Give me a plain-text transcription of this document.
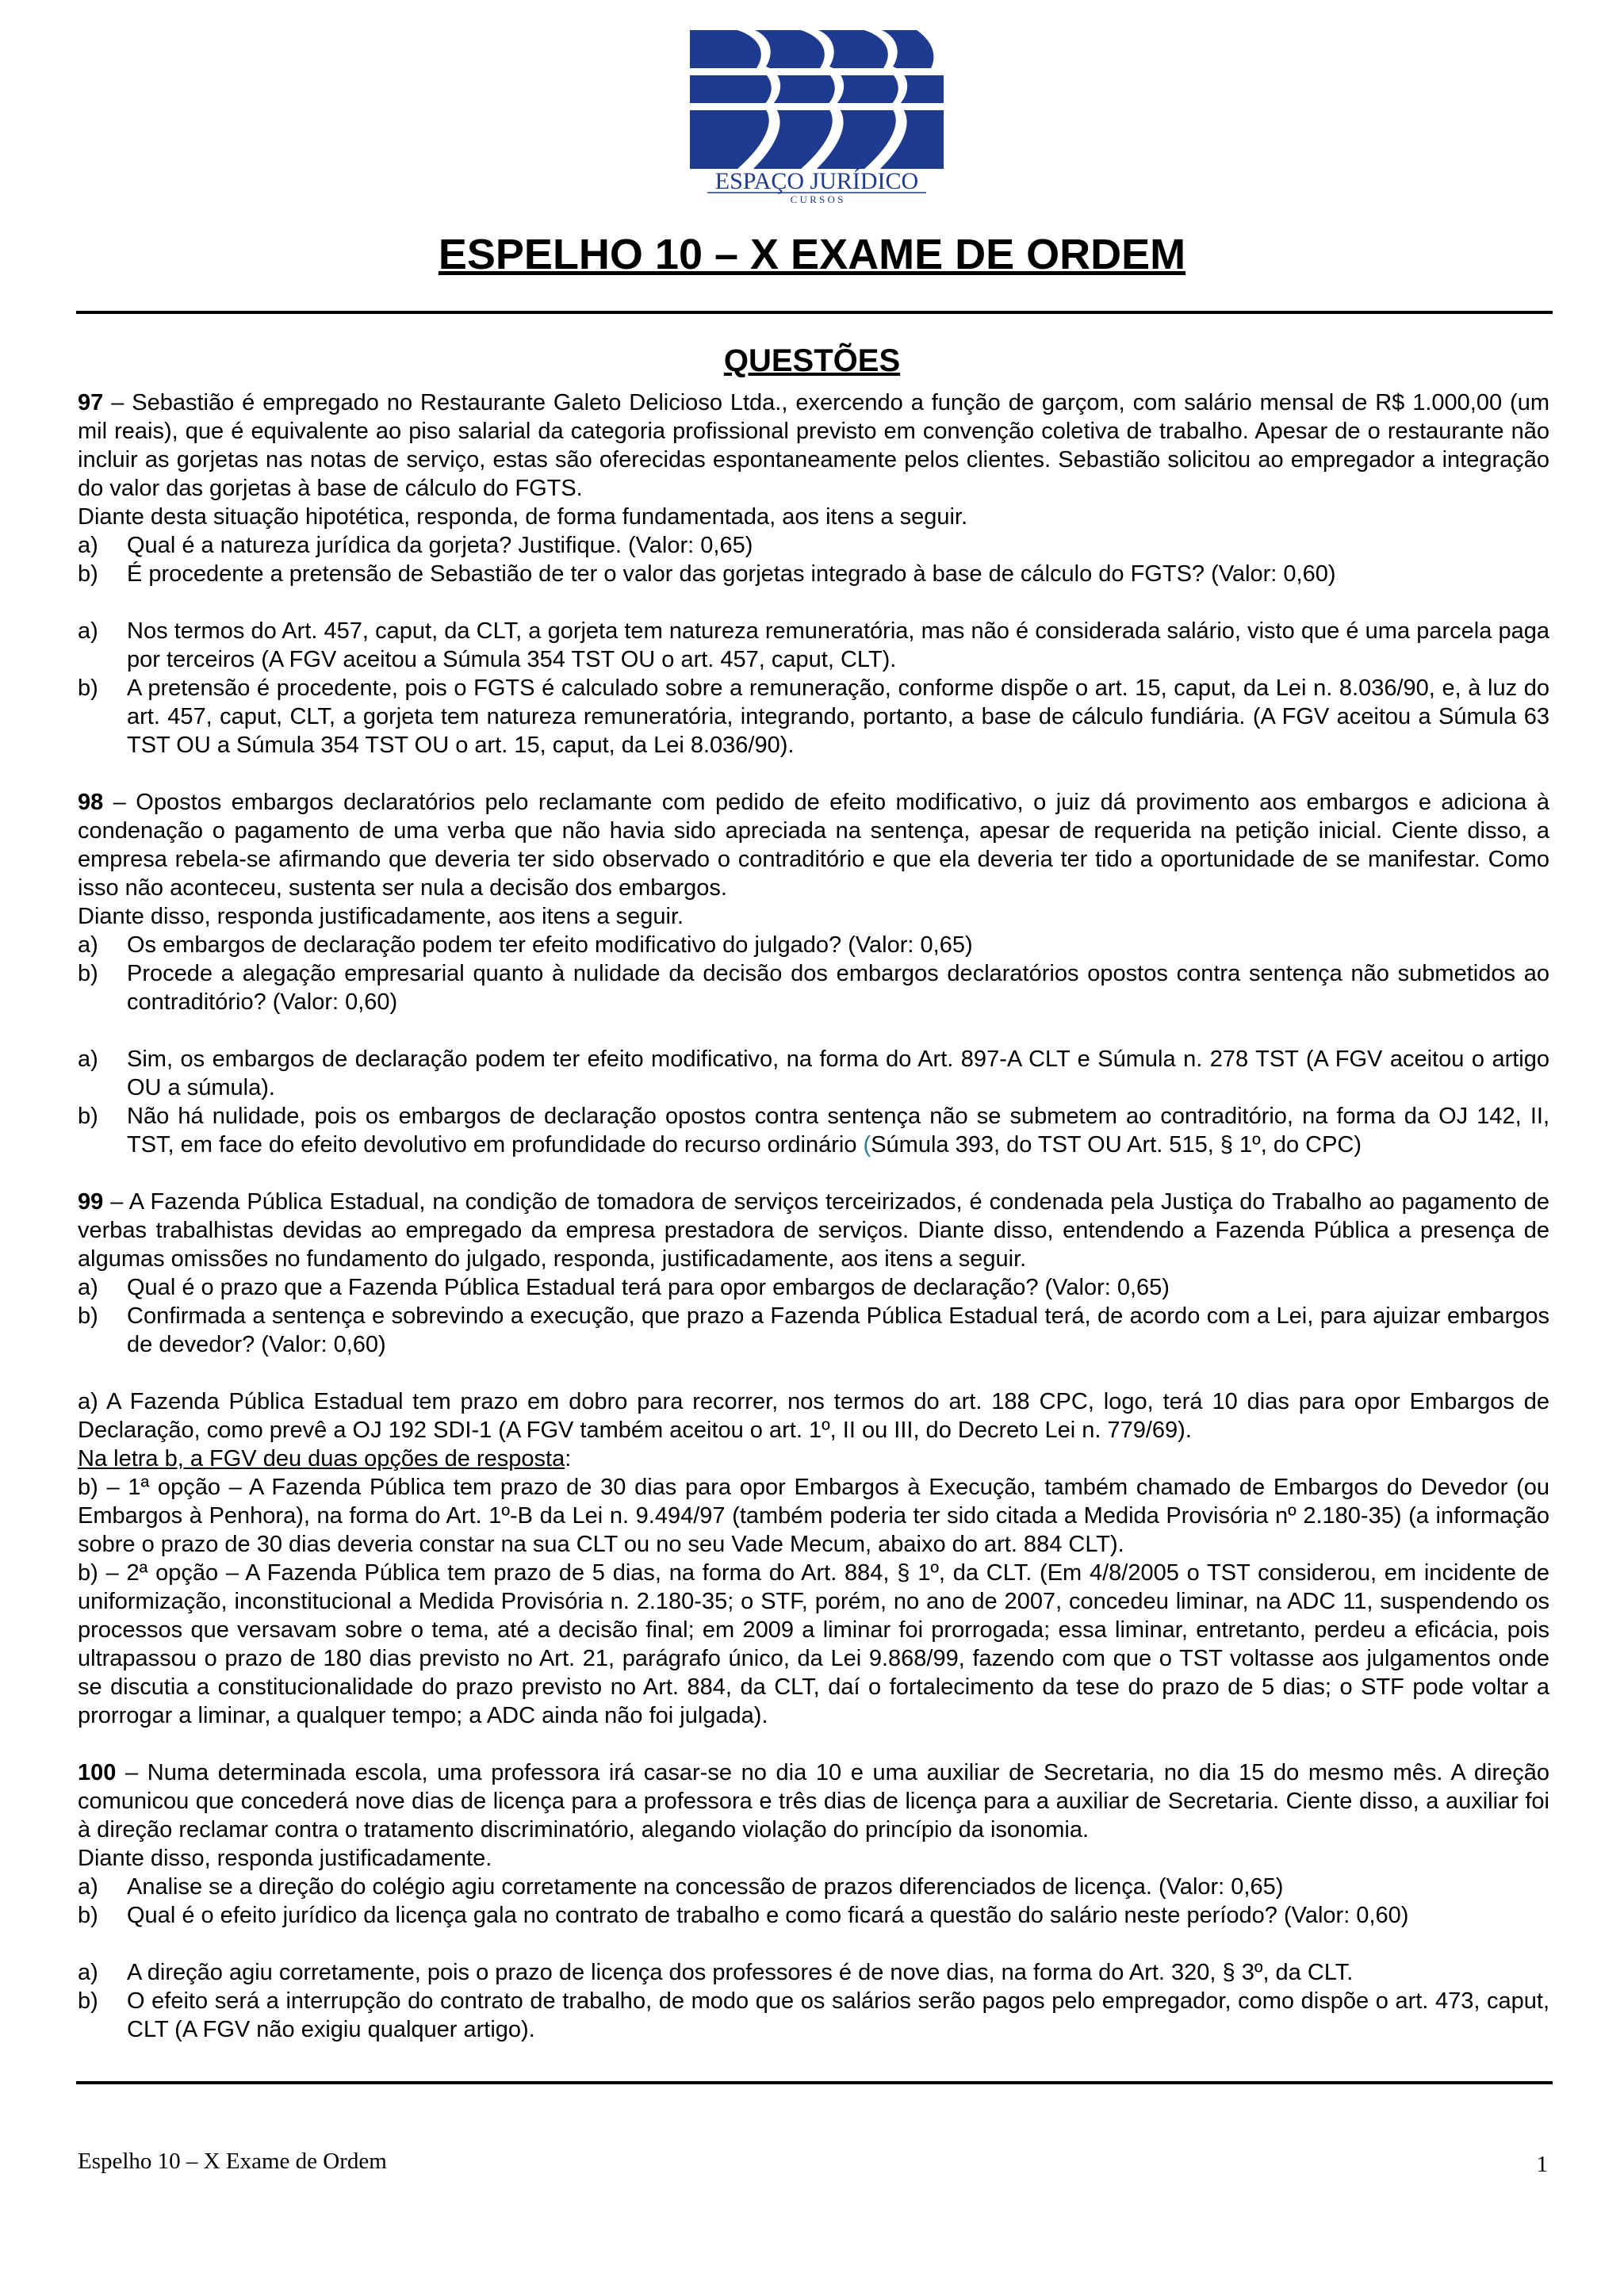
ESPAÇO JURÍDICO
C U R S O S
ESPELHO 10 – X EXAME DE ORDEM
QUESTÕES

97 – Sebastião é empregado no Restaurante Galeto Delicioso Ltda., exercendo a função de garçom, com salário mensal de R$ 1.000,00 (um mil reais), que é equivalente ao piso salarial da categoria profissional previsto em convenção coletiva de trabalho. Apesar de o restaurante não incluir as gorjetas nas notas de serviço, estas são oferecidas espontaneamente pelos clientes. Sebastião solicitou ao empregador a integração do valor das gorjetas à base de cálculo do FGTS.

Diante desta situação hipotética, responda, de forma fundamentada, aos itens a seguir.

a)	Qual é a natureza jurídica da gorjeta? Justifique. (Valor: 0,65)
b)	É procedente a pretensão de Sebastião de ter o valor das gorjetas integrado à base de cálculo do FGTS? (Valor: 0,60)
a)	Nos termos do Art. 457, caput, da CLT, a gorjeta tem natureza remuneratória, mas não é considerada salário, visto que é uma parcela paga por terceiros (A FGV aceitou a Súmula 354 TST OU o art. 457, caput, CLT).
b)	A pretensão é procedente, pois o FGTS é calculado sobre a remuneração, conforme dispõe o art. 15, caput, da Lei n. 8.036/90, e, à luz do art. 457, caput, CLT, a gorjeta tem natureza remuneratória, integrando, portanto, a base de cálculo fundiária. (A FGV aceitou a Súmula 63 TST OU a Súmula 354 TST OU o art. 15, caput, da Lei 8.036/90).

98 – Opostos embargos declaratórios pelo reclamante com pedido de efeito modificativo, o juiz dá provimento aos embargos e adiciona à condenação o pagamento de uma verba que não havia sido apreciada na sentença, apesar de requerida na petição inicial. Ciente disso, a empresa rebela-se afirmando que deveria ter sido observado o contraditório e que ela deveria ter tido a oportunidade de se manifestar. Como isso não aconteceu, sustenta ser nula a decisão dos embargos.

Diante disso, responda justificadamente, aos itens a seguir.

a)	Os embargos de declaração podem ter efeito modificativo do julgado? (Valor: 0,65)
b)	Procede a alegação empresarial quanto à nulidade da decisão dos embargos declaratórios opostos contra sentença não submetidos ao contraditório? (Valor: 0,60)
a)	Sim, os embargos de declaração podem ter efeito modificativo, na forma do Art. 897-A CLT e Súmula n. 278 TST (A FGV aceitou o artigo OU a súmula).
b)	Não há nulidade, pois os embargos de declaração opostos contra sentença não se submetem ao contraditório, na forma da OJ 142, II, TST, em face do efeito devolutivo em profundidade do recurso ordinário (Súmula 393, do TST OU Art. 515, § 1º, do CPC)

99 – A Fazenda Pública Estadual, na condição de tomadora de serviços terceirizados, é condenada pela Justiça do Trabalho ao pagamento de verbas trabalhistas devidas ao empregado da empresa prestadora de serviços. Diante disso, entendendo a Fazenda Pública a presença de algumas omissões no fundamento do julgado, responda, justificadamente, aos itens a seguir.

a)	Qual é o prazo que a Fazenda Pública Estadual terá para opor embargos de declaração? (Valor: 0,65)
b)	Confirmada a sentença e sobrevindo a execução, que prazo a Fazenda Pública Estadual terá, de acordo com a Lei, para ajuizar embargos de devedor? (Valor: 0,60)

a) A Fazenda Pública Estadual tem prazo em dobro para recorrer, nos termos do art. 188 CPC, logo, terá 10 dias para opor Embargos de Declaração, como prevê a OJ 192 SDI-1 (A FGV também aceitou o art. 1º, II ou III, do Decreto Lei n. 779/69).

Na letra b, a FGV deu duas opções de resposta:

b) – 1ª opção – A Fazenda Pública tem prazo de 30 dias para opor Embargos à Execução, também chamado de Embargos do Devedor (ou Embargos à Penhora), na forma do Art. 1º-B da Lei n. 9.494/97 (também poderia ter sido citada a Medida Provisória nº 2.180-35) (a informação sobre o prazo de 30 dias deveria constar na sua CLT ou no seu Vade Mecum, abaixo do art. 884 CLT).

b) – 2ª opção – A Fazenda Pública tem prazo de 5 dias, na forma do Art. 884, § 1º, da CLT. (Em 4/8/2005 o TST considerou, em incidente de uniformização, inconstitucional a Medida Provisória n. 2.180-35; o STF, porém, no ano de 2007, concedeu liminar, na ADC 11, suspendendo os processos que versavam sobre o tema, até a decisão final; em 2009 a liminar foi prorrogada; essa liminar, entretanto, perdeu a eficácia, pois ultrapassou o prazo de 180 dias previsto no Art. 21, parágrafo único, da Lei 9.868/99, fazendo com que o TST voltasse aos julgamentos onde se discutia a constitucionalidade do prazo previsto no Art. 884, da CLT, daí o fortalecimento da tese do prazo de 5 dias; o STF pode voltar a prorrogar a liminar, a qualquer tempo; a ADC ainda não foi julgada).

100 – Numa determinada escola, uma professora irá casar-se no dia 10 e uma auxiliar de Secretaria, no dia 15 do mesmo mês. A direção comunicou que concederá nove dias de licença para a professora e três dias de licença para a auxiliar de Secretaria. Ciente disso, a auxiliar foi à direção reclamar contra o tratamento discriminatório, alegando violação do princípio da isonomia.

Diante disso, responda justificadamente.

a)	Analise se a direção do colégio agiu corretamente na concessão de prazos diferenciados de licença. (Valor: 0,65)
b)	Qual é o efeito jurídico da licença gala no contrato de trabalho e como ficará a questão do salário neste período? (Valor: 0,60)
a)	A direção agiu corretamente, pois o prazo de licença dos professores é de nove dias, na forma do Art. 320, § 3º, da CLT.
b)	O efeito será a interrupção do contrato de trabalho, de modo que os salários serão pagos pelo empregador, como dispõe o art. 473, caput, CLT (A FGV não exigiu qualquer artigo).
Espelho 10 – X Exame de Ordem	1
